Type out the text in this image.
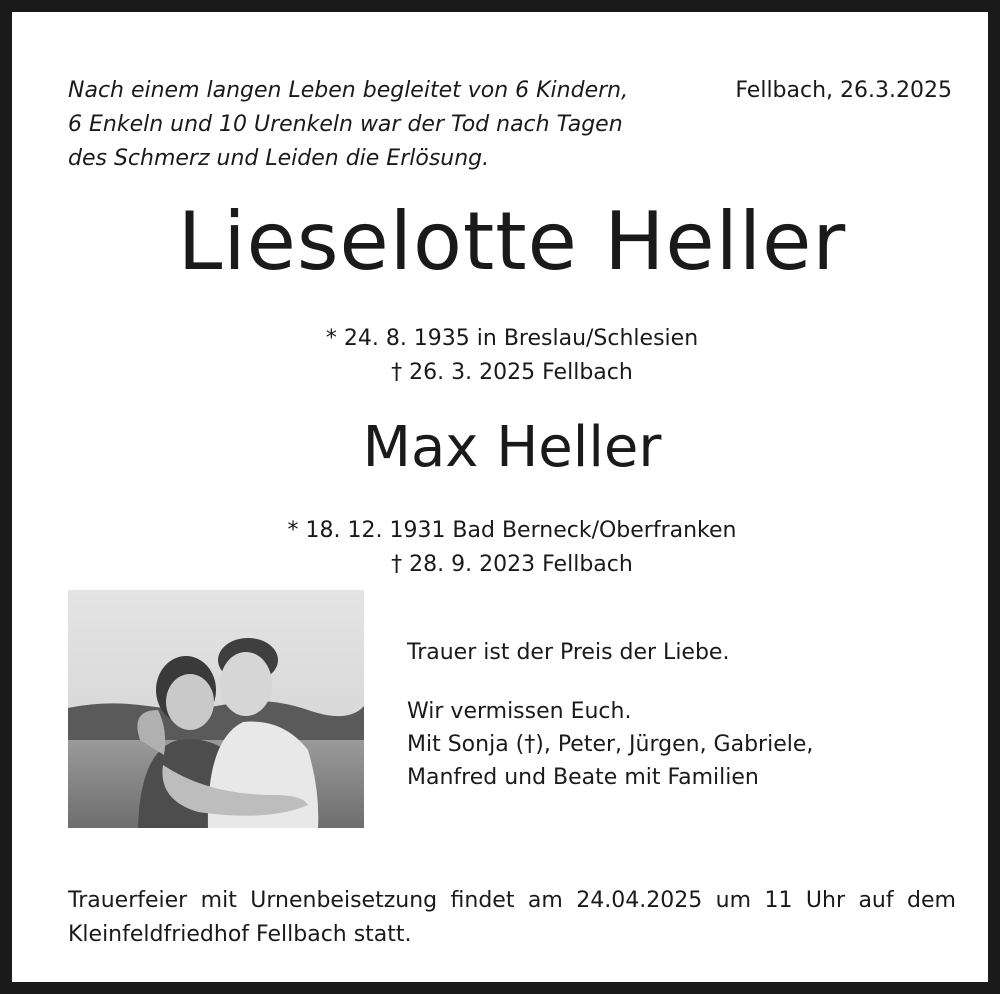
Nach einem langen Leben begleitet von 6 Kindern,
6 Enkeln und 10 Urenkeln war der Tod nach Tagen
des Schmerz und Leiden die Erlösung.
Fellbach, 26.3.2025
Lieselotte Heller
* 24. 8. 1935 in Breslau/Schlesien
† 26. 3. 2025 Fellbach
Max Heller
* 18. 12. 1931 Bad Berneck/Oberfranken
† 28. 9. 2023 Fellbach
Trauer ist der Preis der Liebe.
Wir vermissen Euch.
Mit Sonja (†), Peter, Jürgen, Gabriele,
Manfred und Beate mit Familien
Trauerfeier mit Urnenbeisetzung findet am 24.04.2025 um 11 Uhr auf dem
Kleinfeldfriedhof Fellbach statt.
